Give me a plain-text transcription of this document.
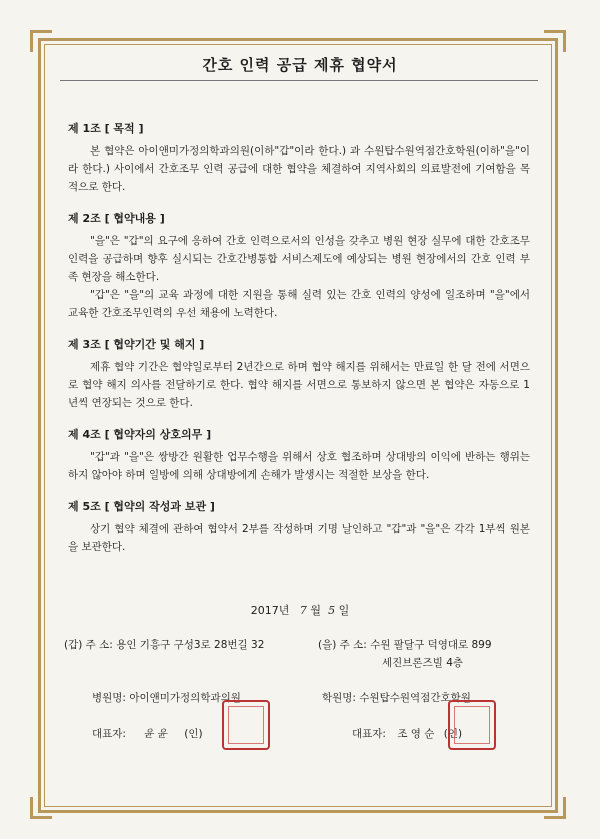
간호 인력 공급 제휴 협약서

제 1조 [ 목적 ]

본 협약은 아이앤미가정의학과의원(이하"갑"이라 한다.) 과 수원탑수원역점간호학원(이하"을"이라 한다.) 사이에서 간호조무 인력 공급에 대한 협약을 체결하여 지역사회의 의료발전에 기여함을 목적으로 한다.

제 2조 [ 협약내용 ]

"을"은 "갑"의 요구에 응하여 간호 인력으로서의 인성을 갖추고 병원 현장 실무에 대한 간호조무 인력을 공급하며 향후 실시되는 간호간병통합 서비스제도에 예상되는 병원 현장에서의 간호 인력 부족 현장을 해소한다.

"갑"은 "을"의 교육 과정에 대한 지원을 통해 실력 있는 간호 인력의 양성에 일조하며 "을"에서 교육한 간호조무인력의 우선 채용에 노력한다.

제 3조 [ 협약기간 및 해지 ]

제휴 협약 기간은 협약일로부터 2년간으로 하며 협약 해지를 위해서는 만료일 한 달 전에 서면으로 협약 해지 의사를 전달하기로 한다. 협약 해지를 서면으로 통보하지 않으면 본 협약은 자동으로 1년씩 연장되는 것으로 한다.

제 4조 [ 협약자의 상호의무 ]

"갑"과 "을"은 쌍방간 원활한 업무수행을 위해서 상호 협조하며 상대방의 이익에 반하는 행위는 하지 않아야 하며 일방에 의해 상대방에게 손해가 발생시는 적절한 보상을 한다.

제 5조 [ 협약의 작성과 보관 ]

상기 협약 체결에 관하여 협약서 2부를 작성하며 기명 날인하고 "갑"과 "을"은 각각 1부씩 원본을 보관한다.

2017년 7 월 5 일
(갑) 주 소: 용인 기흥구 구성3로 28번길 32	(을) 주 소: 수원 팔달구 덕영대로 899
세진브론즈빌 4층
병원명: 아이앤미가정의학과의원
대표자: 윤 윤 (인)
학원명: 수원탑수원역점간호학원
대표자: 조 영 순 (인)
